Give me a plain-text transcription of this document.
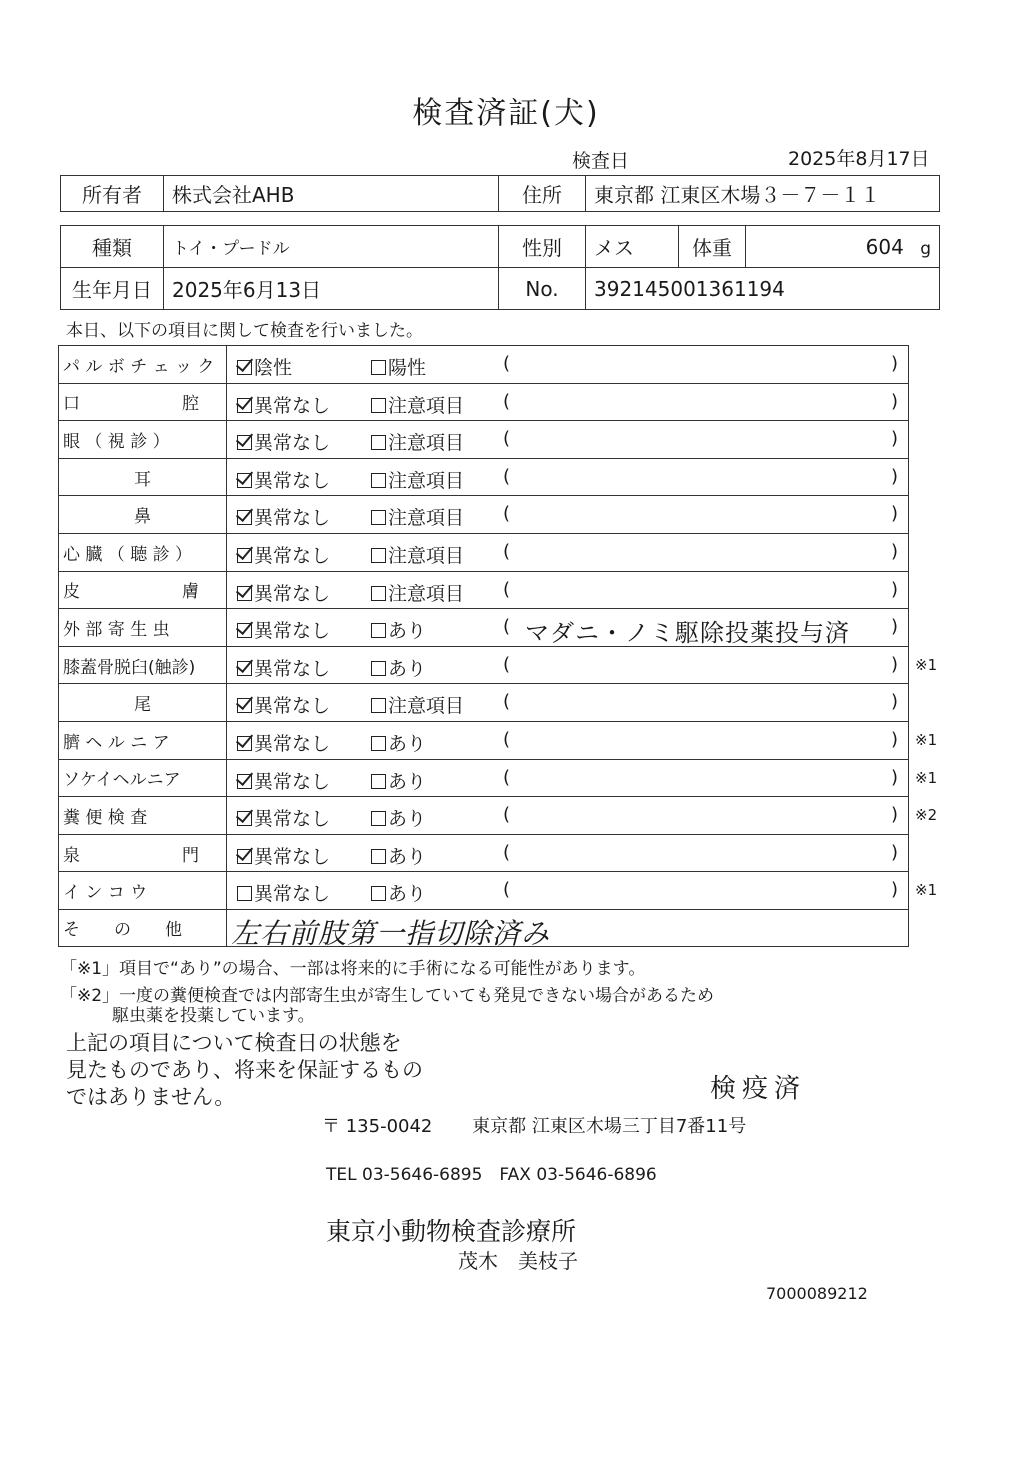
検査済証(犬)
検査日	2025年8月17日
所有者	株式会社AHB	住所	東京都 江東区木場３－７－１１
種類	トイ・プードル	性別	メス	体重	604 g
生年月日	2025年6月13日	No.	392145001361194		
本日、以下の項目に関して検査を行いました。
パ ル ボ チ ェ ッ ク	陰性	陽性	(	)
口　　　　　　腔	異常なし	注意項目 (	)
眼 （ 視 診 ）	異常なし	注意項目 (	)
耳	異常なし	注意項目 (	)
鼻	異常なし	注意項目 (	)
心 臓 （ 聴 診 ）	異常なし	注意項目 (	)
皮　　　　　　膚	異常なし	注意項目 (	)
外 部 寄 生 虫	異常なし	あり	( マダニ・ノミ駆除投薬投与済 )
膝蓋骨脱臼(触診)	異常なし	あり	(	) ※1
尾	異常なし	注意項目 (	)
臍 ヘ ル ニ ア	異常なし	あり	(	) ※1
ソケイヘルニア	異常なし	あり	(	) ※1
糞 便 検 査	異常なし	あり	(	) ※2
泉　　　　　　門	異常なし	あり	(	)
イ ン コ ウ	異常なし	あり	(	) ※1
そ　　の　　他	左右前肢第一指切除済み
「※1」項目で“あり”の場合、一部は将来的に手術になる可能性があります。
「※2」一度の糞便検査では内部寄生虫が寄生していても発見できない場合があるため
駆虫薬を投薬しています。
上記の項目について検査日の状態を
見たものであり、将来を保証するもの
ではありません。	検疫済
〒 135-0042 東京都 江東区木場三丁目7番11号
TEL 03-5646-6895　FAX 03-5646-6896
東京小動物検査診療所
茂木　美枝子
7000089212
